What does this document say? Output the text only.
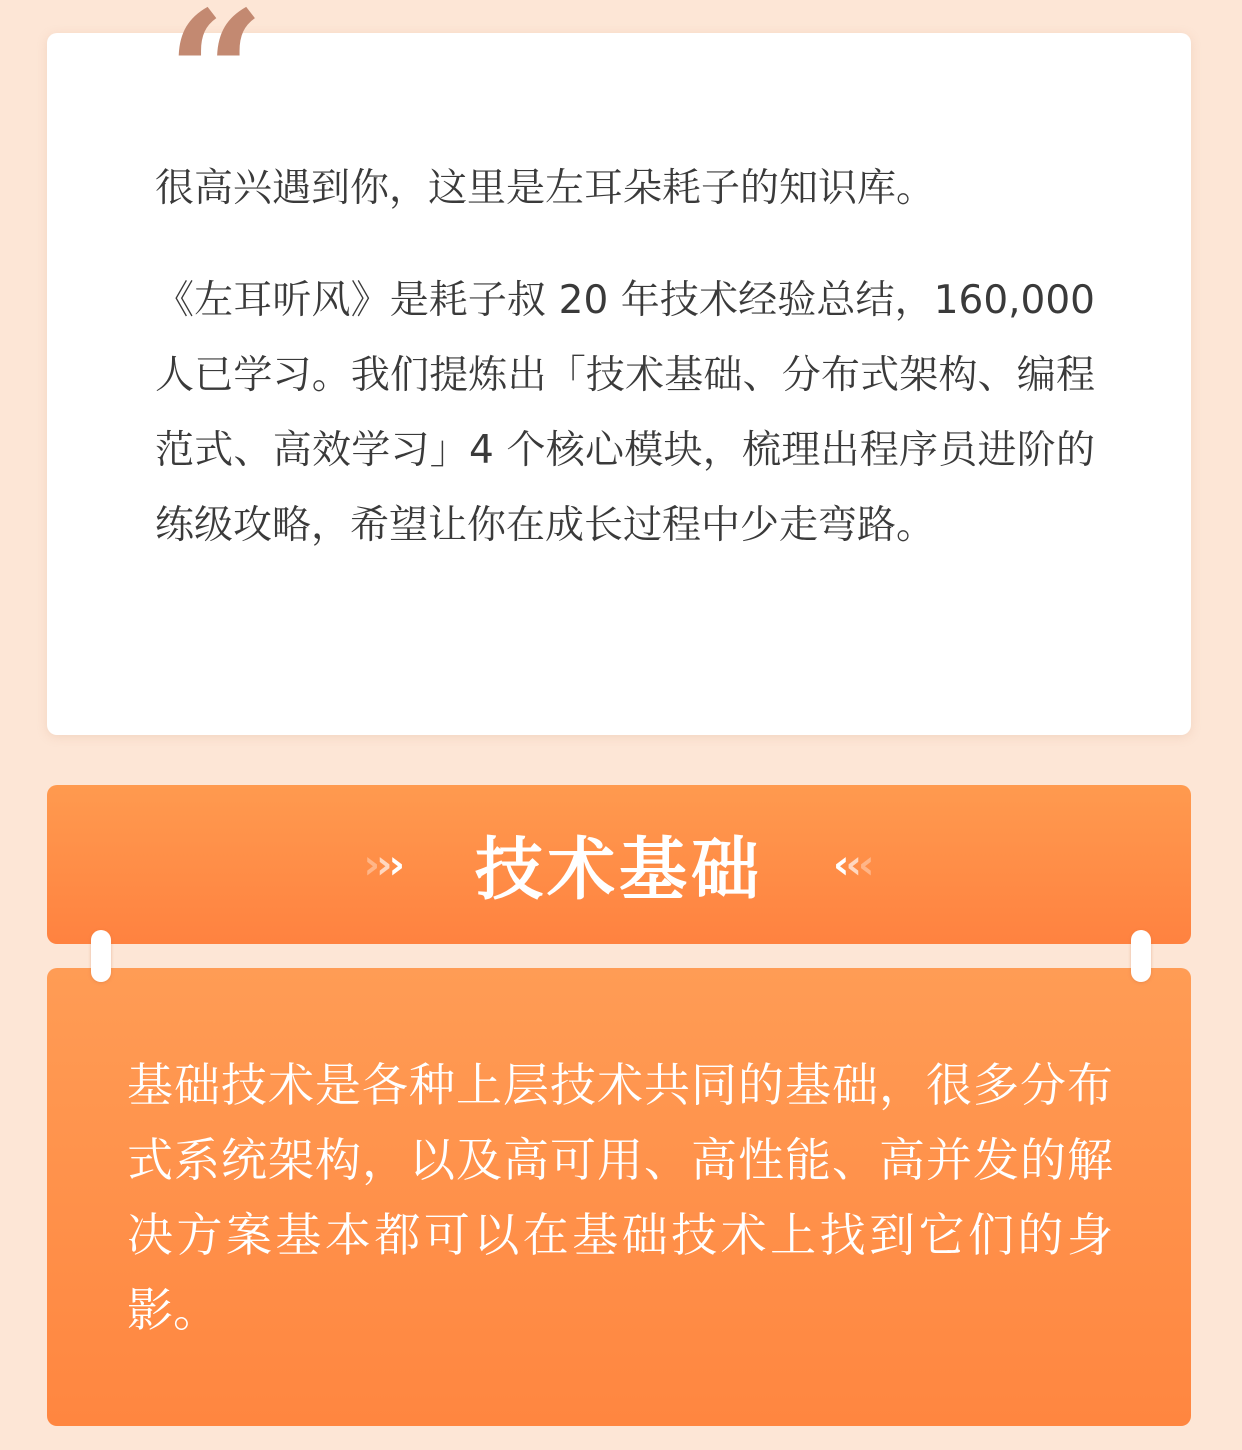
“

很高兴遇到你，这里是左耳朵耗子的知识库。

《左耳听风》是耗子叔 20 年技术经验总结，160,000 人已学习。我们提炼出「技术基础、分布式架构、编程范式、高效学习」4 个核心模块，梳理出程序员进阶的练级攻略，希望让你在成长过程中少走弯路。

›
›
› 技术基础 ‹
‹
‹

基础技术是各种上层技术共同的基础，很多分布式系统架构，以及高可用、高性能、高并发的解决方案基本都可以在基础技术上找到它们的身影。
